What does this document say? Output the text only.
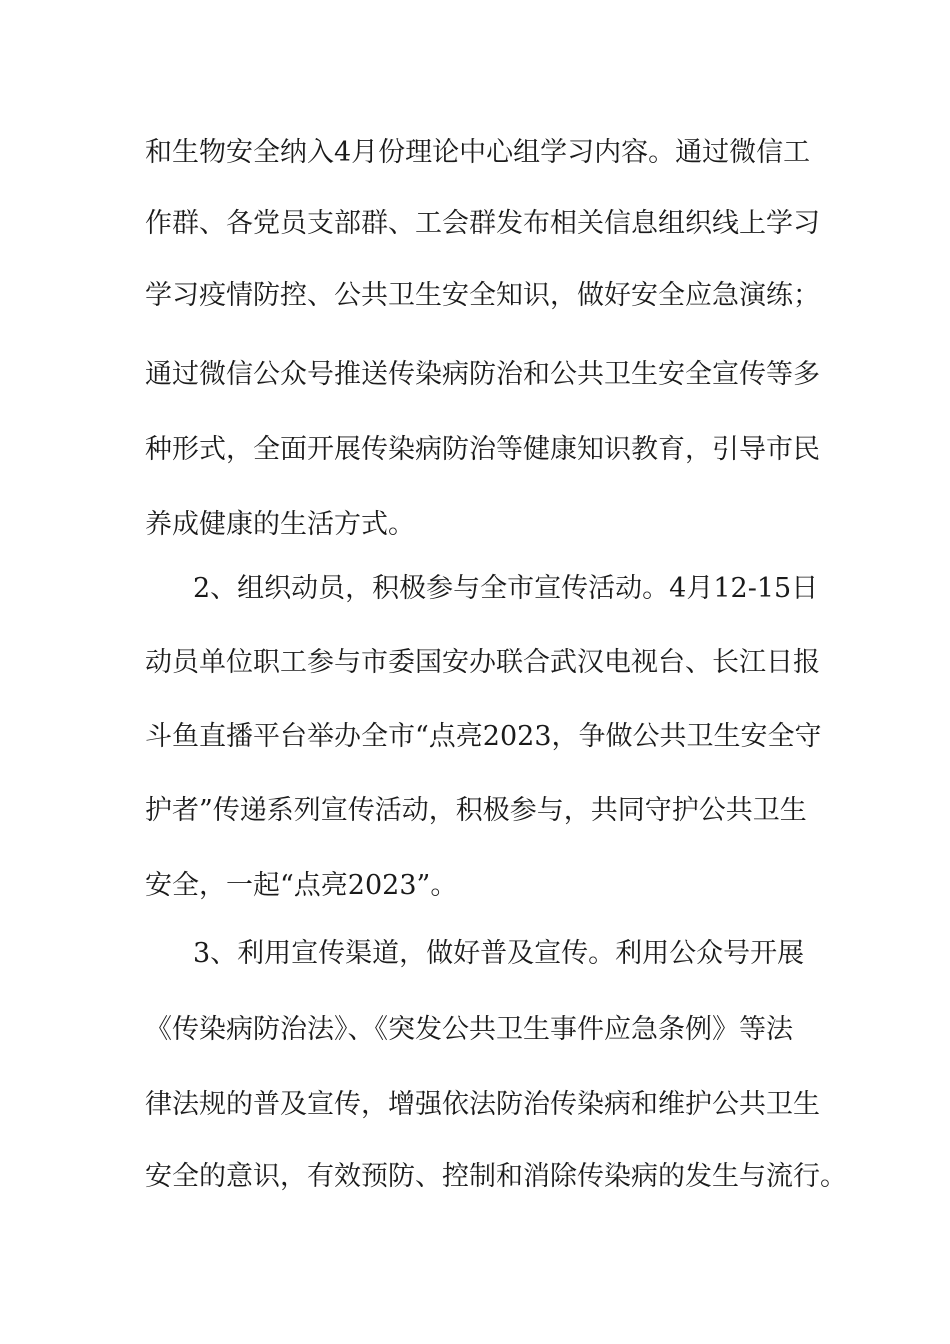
和生物安全纳入4月份理论中心组学习内容。通过微信工
作群、各党员支部群、工会群发布相关信息组织线上学习
学习疫情防控、公共卫生安全知识，做好安全应急演练；
通过微信公众号推送传染病防治和公共卫生安全宣传等多
种形式，全面开展传染病防治等健康知识教育，引导市民
养成健康的生活方式。
2、组织动员，积极参与全市宣传活动。4月12-15日
动员单位职工参与市委国安办联合武汉电视台、长江日报
斗鱼直播平台举办全市“点亮2023，争做公共卫生安全守
护者”传递系列宣传活动，积极参与，共同守护公共卫生
安全，一起“点亮2023”。
3、利用宣传渠道，做好普及宣传。利用公众号开展
《传染病防治法》、《突发公共卫生事件应急条例》等法
律法规的普及宣传，增强依法防治传染病和维护公共卫生
安全的意识，有效预防、控制和消除传染病的发生与流行。
